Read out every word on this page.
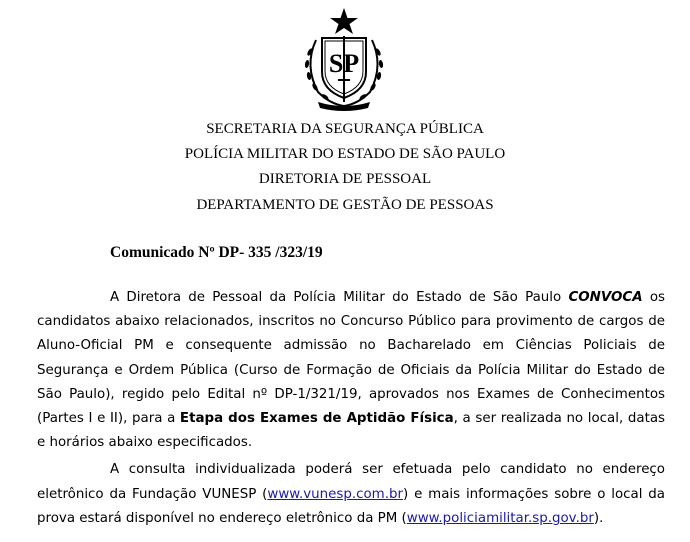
SP
SECRETARIA DA SEGURANÇA PÚBLICA
POLÍCIA MILITAR DO ESTADO DE SÃO PAULO
DIRETORIA DE PESSOAL
DEPARTAMENTO DE GESTÃO DE PESSOAS
Comunicado Nº DP- 335 /323/19

A Diretora de Pessoal da Polícia Militar do Estado de São Paulo CONVOCA os candidatos abaixo relacionados, inscritos no Concurso Público para provimento de cargos de Aluno-Oficial PM e consequente admissão no Bacharelado em Ciências Policiais de Segurança e Ordem Pública (Curso de Formação de Oficiais da Polícia Militar do Estado de São Paulo), regido pelo Edital nº DP-1/321/19, aprovados nos Exames de Conhecimentos (Partes I e II), para a Etapa dos Exames de Aptidão Física, a ser realizada no local, datas e horários abaixo especificados.

A consulta individualizada poderá ser efetuada pelo candidato no endereço eletrônico da Fundação VUNESP (www.vunesp.com.br) e mais informações sobre o local da prova estará disponível no endereço eletrônico da PM (www.policiamilitar.sp.gov.br).
